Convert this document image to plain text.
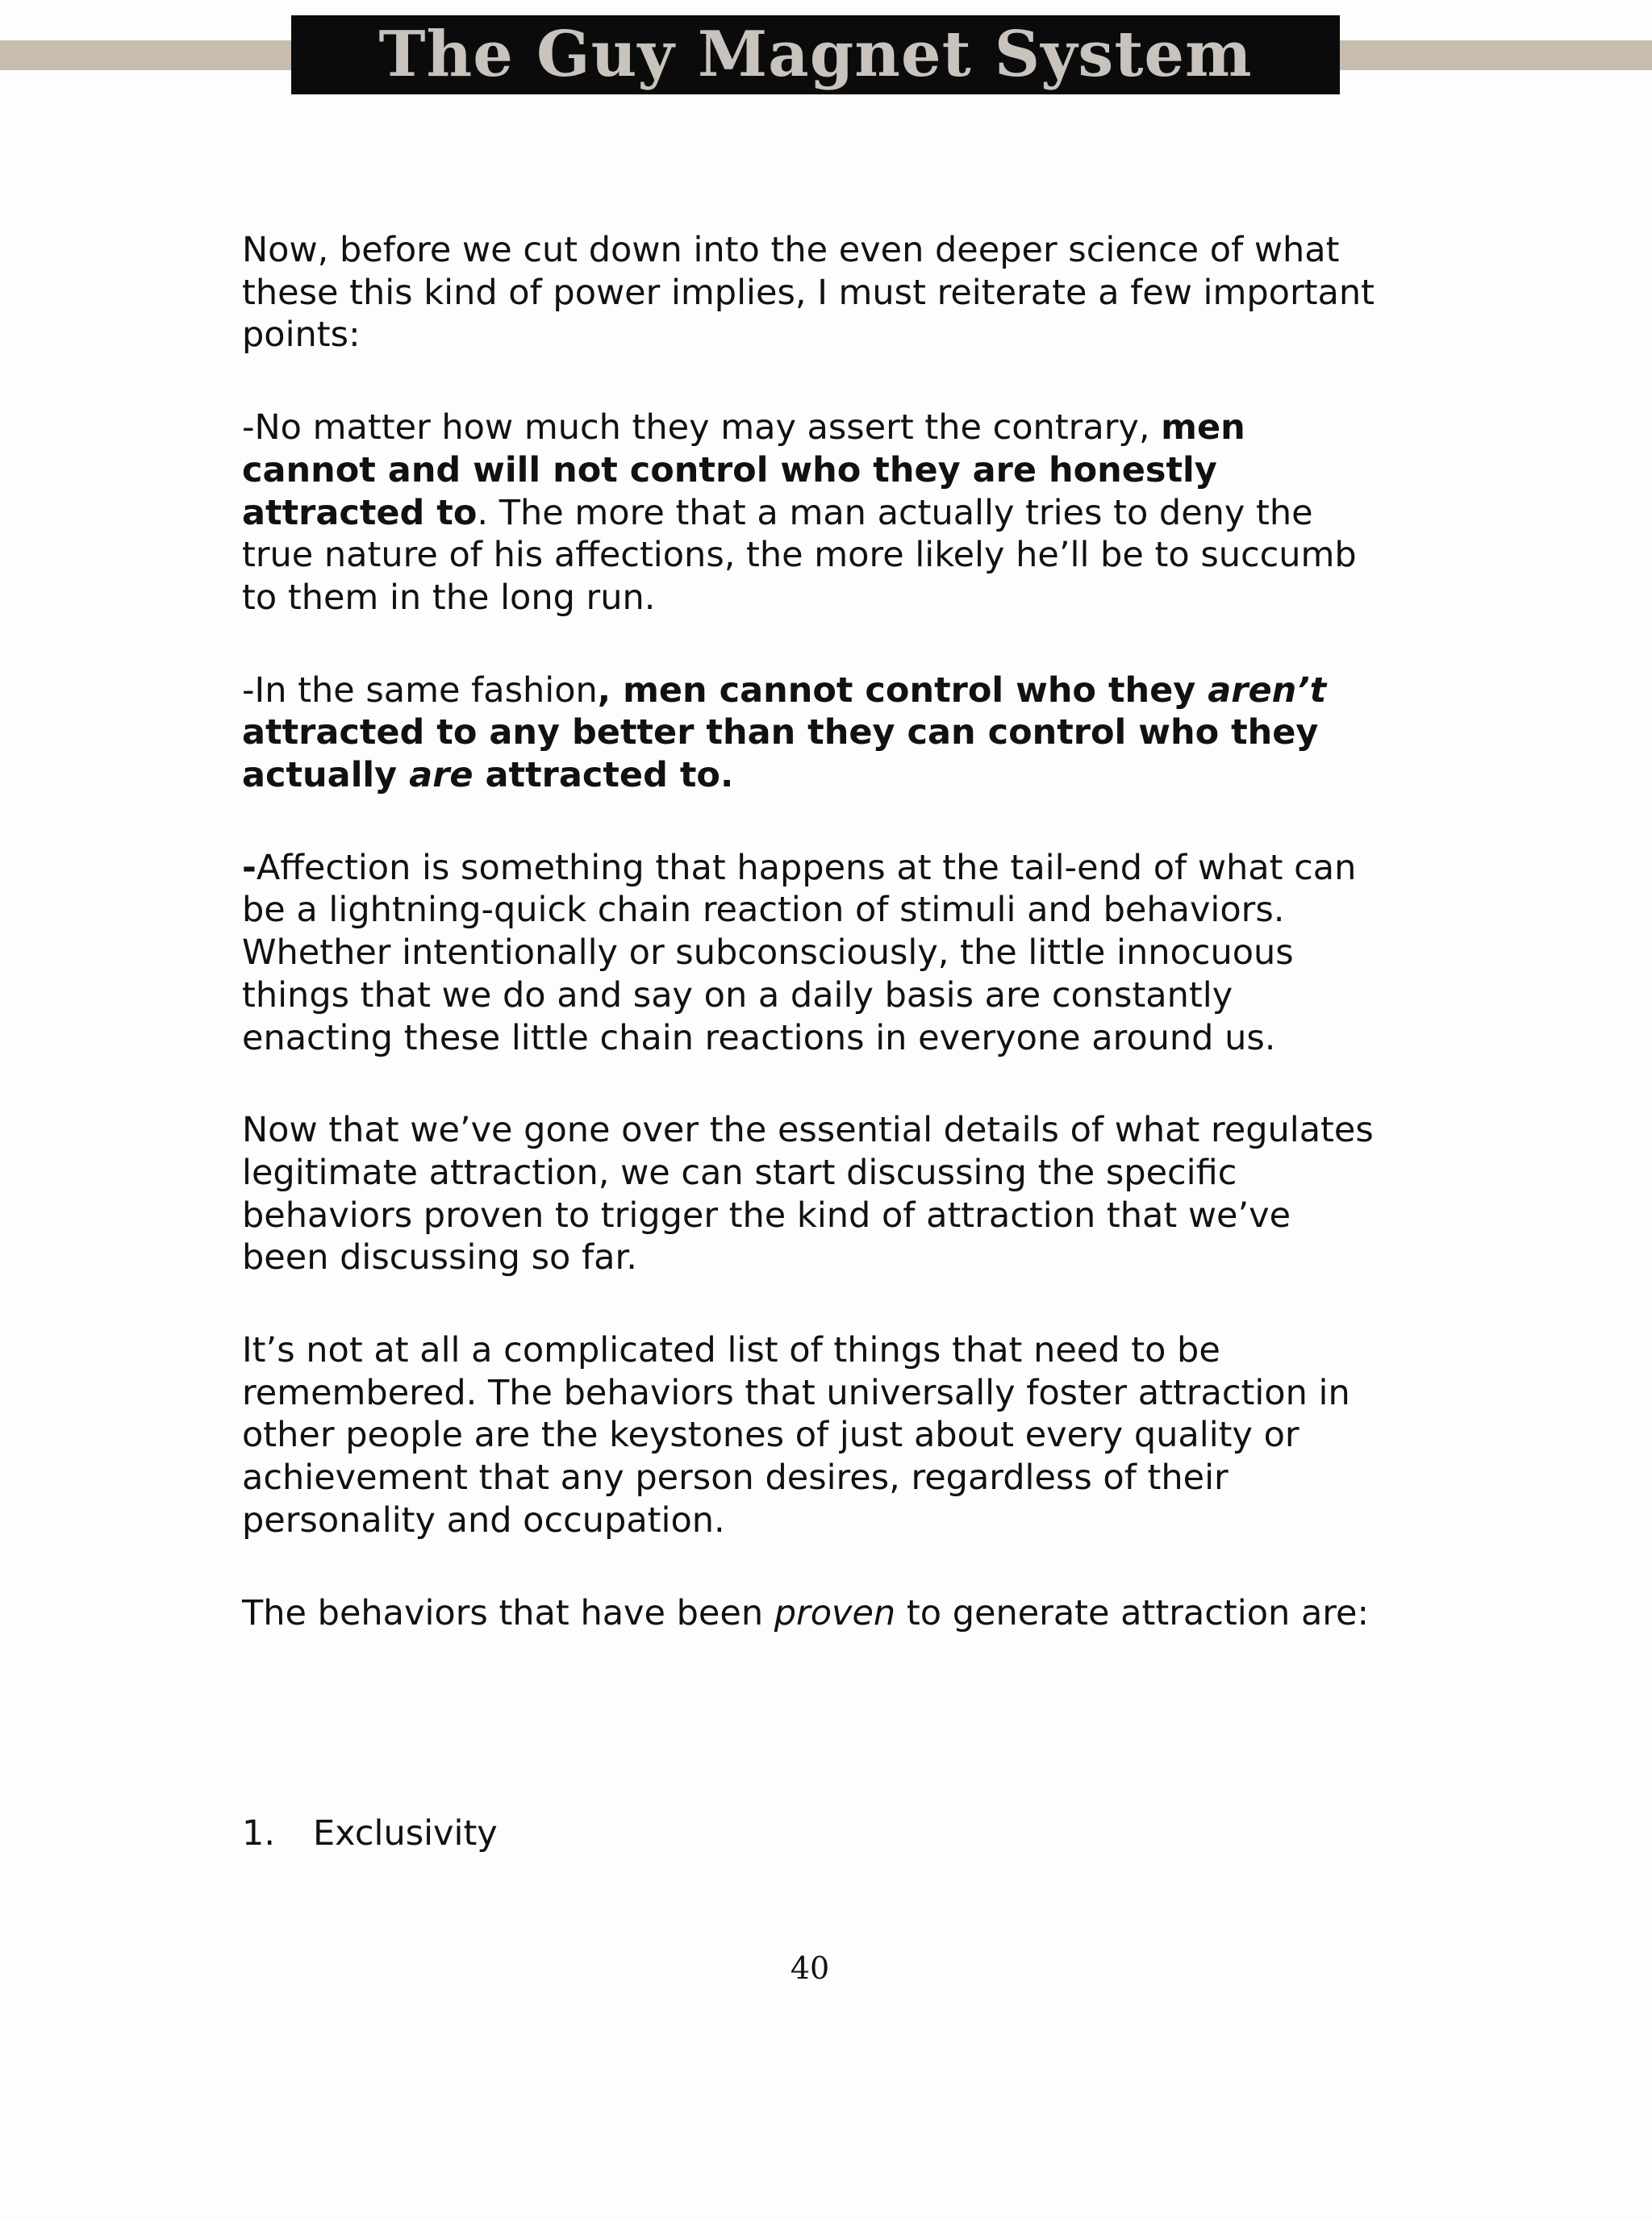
The Guy Magnet System

Now, before we cut down into the even deeper science of what these this kind of power implies, I must reiterate a few important points:

-No matter how much they may assert the contrary, men cannot and will not control who they are honestly attracted to. The more that a man actually tries to deny the true nature of his affections, the more likely he’ll be to succumb to them in the long run.

-In the same fashion, men cannot control who they aren’t attracted to any better than they can control who they actually are attracted to.

-Affection is something that happens at the tail-end of what can be a lightning-quick chain reaction of stimuli and behaviors. Whether intentionally or subconsciously, the little innocuous things that we do and say on a daily basis are constantly enacting these little chain reactions in everyone around us.

Now that we’ve gone over the essential details of what regulates legitimate attraction, we can start discussing the specific behaviors proven to trigger the kind of attraction that we’ve been discussing so far.

It’s not at all a complicated list of things that need to be remembered. The behaviors that universally foster attraction in other people are the keystones of just about every quality or achievement that any person desires, regardless of their personality and occupation.

The behaviors that have been proven to generate attraction are:

1. Exclusivity
40
